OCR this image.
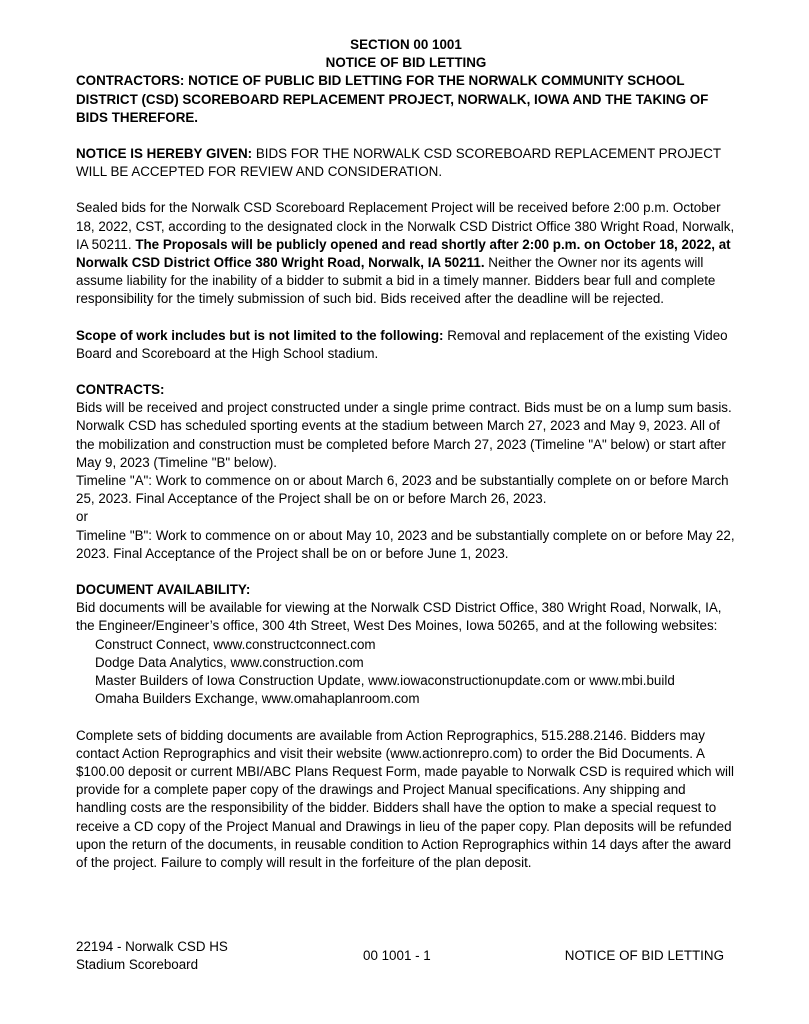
SECTION 00 1001

NOTICE OF BID LETTING

CONTRACTORS: NOTICE OF PUBLIC BID LETTING FOR THE NORWALK COMMUNITY SCHOOL DISTRICT (CSD) SCOREBOARD REPLACEMENT PROJECT, NORWALK, IOWA AND THE TAKING OF BIDS THEREFORE.

NOTICE IS HEREBY GIVEN: BIDS FOR THE NORWALK CSD SCOREBOARD REPLACEMENT PROJECT WILL BE ACCEPTED FOR REVIEW AND CONSIDERATION.

Sealed bids for the Norwalk CSD Scoreboard Replacement Project will be received before 2:00 p.m. October 18, 2022, CST, according to the designated clock in the Norwalk CSD District Office 380 Wright Road, Norwalk, IA 50211. The Proposals will be publicly opened and read shortly after 2:00 p.m. on October 18, 2022, at Norwalk CSD District Office 380 Wright Road, Norwalk, IA 50211. Neither the Owner nor its agents will assume liability for the inability of a bidder to submit a bid in a timely manner. Bidders bear full and complete responsibility for the timely submission of such bid. Bids received after the deadline will be rejected.

Scope of work includes but is not limited to the following: Removal and replacement of the existing Video Board and Scoreboard at the High School stadium.

CONTRACTS:

Bids will be received and project constructed under a single prime contract. Bids must be on a lump sum basis. Norwalk CSD has scheduled sporting events at the stadium between March 27, 2023 and May 9, 2023. All of the mobilization and construction must be completed before March 27, 2023 (Timeline "A" below) or start after May 9, 2023 (Timeline "B" below).

Timeline "A": Work to commence on or about March 6, 2023 and be substantially complete on or before March 25, 2023. Final Acceptance of the Project shall be on or before March 26, 2023.

or

Timeline "B": Work to commence on or about May 10, 2023 and be substantially complete on or before May 22, 2023. Final Acceptance of the Project shall be on or before June 1, 2023.

DOCUMENT AVAILABILITY:

Bid documents will be available for viewing at the Norwalk CSD District Office, 380 Wright Road, Norwalk, IA, the Engineer/Engineer’s office, 300 4th Street, West Des Moines, Iowa 50265, and at the following websites:

Construct Connect, www.constructconnect.com

Dodge Data Analytics, www.construction.com

Master Builders of Iowa Construction Update, www.iowaconstructionupdate.com or www.mbi.build

Omaha Builders Exchange, www.omahaplanroom.com

Complete sets of bidding documents are available from Action Reprographics, 515.288.2146. Bidders may contact Action Reprographics and visit their website (www.actionrepro.com) to order the Bid Documents. A $100.00 deposit or current MBI/ABC Plans Request Form, made payable to Norwalk CSD is required which will provide for a complete paper copy of the drawings and Project Manual specifications. Any shipping and handling costs are the responsibility of the bidder. Bidders shall have the option to make a special request to receive a CD copy of the Project Manual and Drawings in lieu of the paper copy. Plan deposits will be refunded upon the return of the documents, in reusable condition to Action Reprographics within 14 days after the award of the project. Failure to comply will result in the forfeiture of the plan deposit.

22194 - Norwalk CSD HS
Stadium Scoreboard
00 1001 - 1	NOTICE OF BID LETTING
